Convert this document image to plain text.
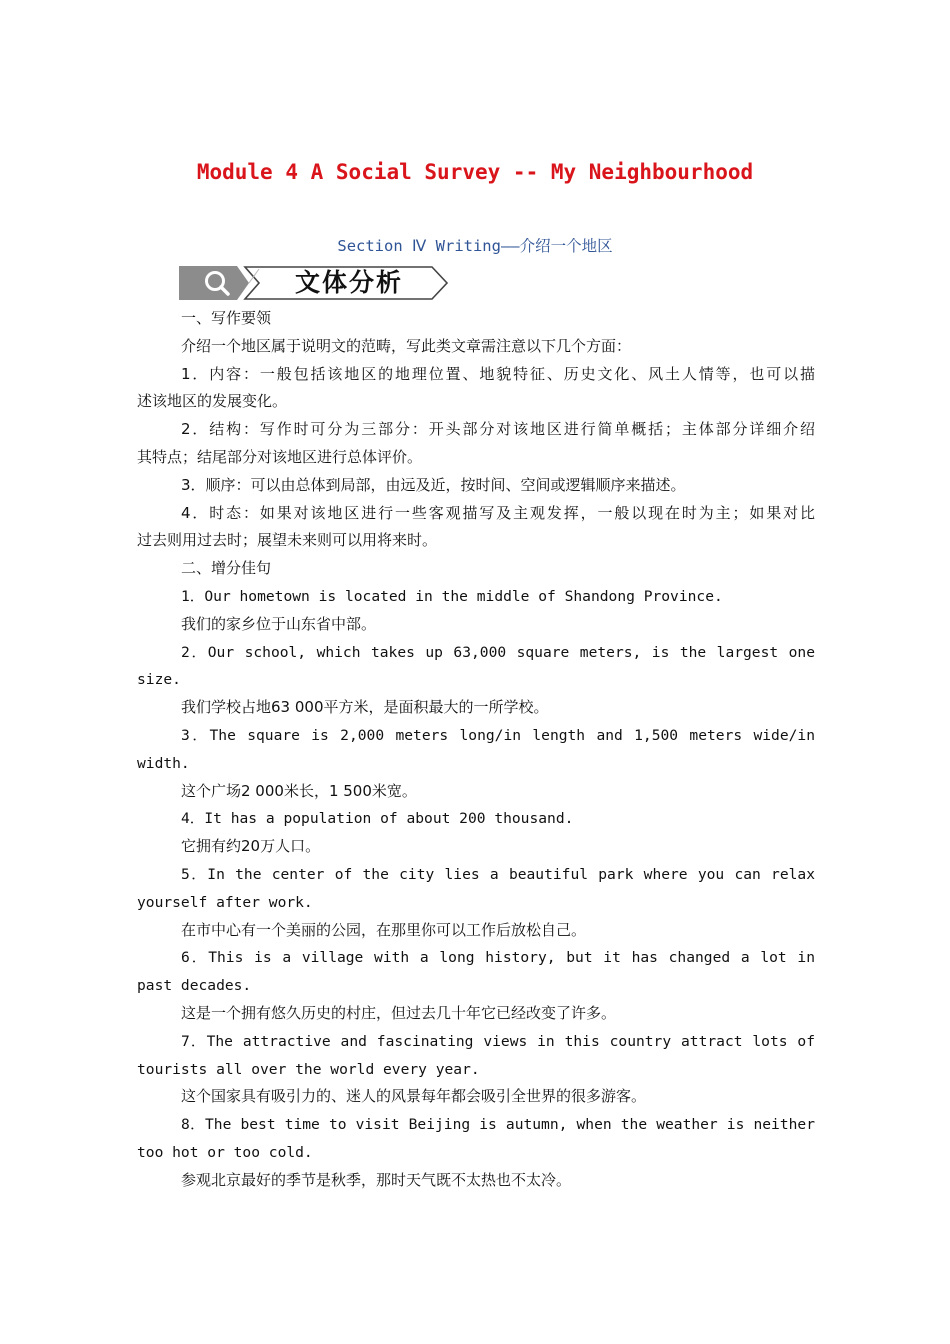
Module 4 A Social Survey -- My Neighbourhood
Section Ⅳ Writing——介绍一个地区
文体分析
一、写作要领
介绍一个地区属于说明文的范畴，写此类文章需注意以下几个方面：
1．内容：一般包括该地区的地理位置、地貌特征、历史文化、风土人情等，也可以描
述该地区的发展变化。
2．结构：写作时可分为三部分：开头部分对该地区进行简单概括；主体部分详细介绍
其特点；结尾部分对该地区进行总体评价。
3．顺序：可以由总体到局部，由远及近，按时间、空间或逻辑顺序来描述。
4．时态：如果对该地区进行一些客观描写及主观发挥，一般以现在时为主；如果对比
过去则用过去时；展望未来则可以用将来时。
二、增分佳句
1．Our hometown is located in the middle of Shandong Province.
我们的家乡位于山东省中部。
2．Our school, which takes up 63,000 square meters, is the largest one
size.
我们学校占地63 000平方米，是面积最大的一所学校。
3．The square is 2,000 meters long/in length and 1,500 meters wide/in
width.
这个广场2 000米长，1 500米宽。
4．It has a population of about 200 thousand.
它拥有约20万人口。
5．In the center of the city lies a beautiful park where you can relax
yourself after work.
在市中心有一个美丽的公园，在那里你可以工作后放松自己。
6．This is a village with a long history, but it has changed a lot in
past decades.
这是一个拥有悠久历史的村庄，但过去几十年它已经改变了许多。
7．The attractive and fascinating views in this country attract lots of
tourists all over the world every year.
这个国家具有吸引力的、迷人的风景每年都会吸引全世界的很多游客。
8．The best time to visit Beijing is autumn, when the weather is neither
too hot or too cold.
参观北京最好的季节是秋季，那时天气既不太热也不太冷。
